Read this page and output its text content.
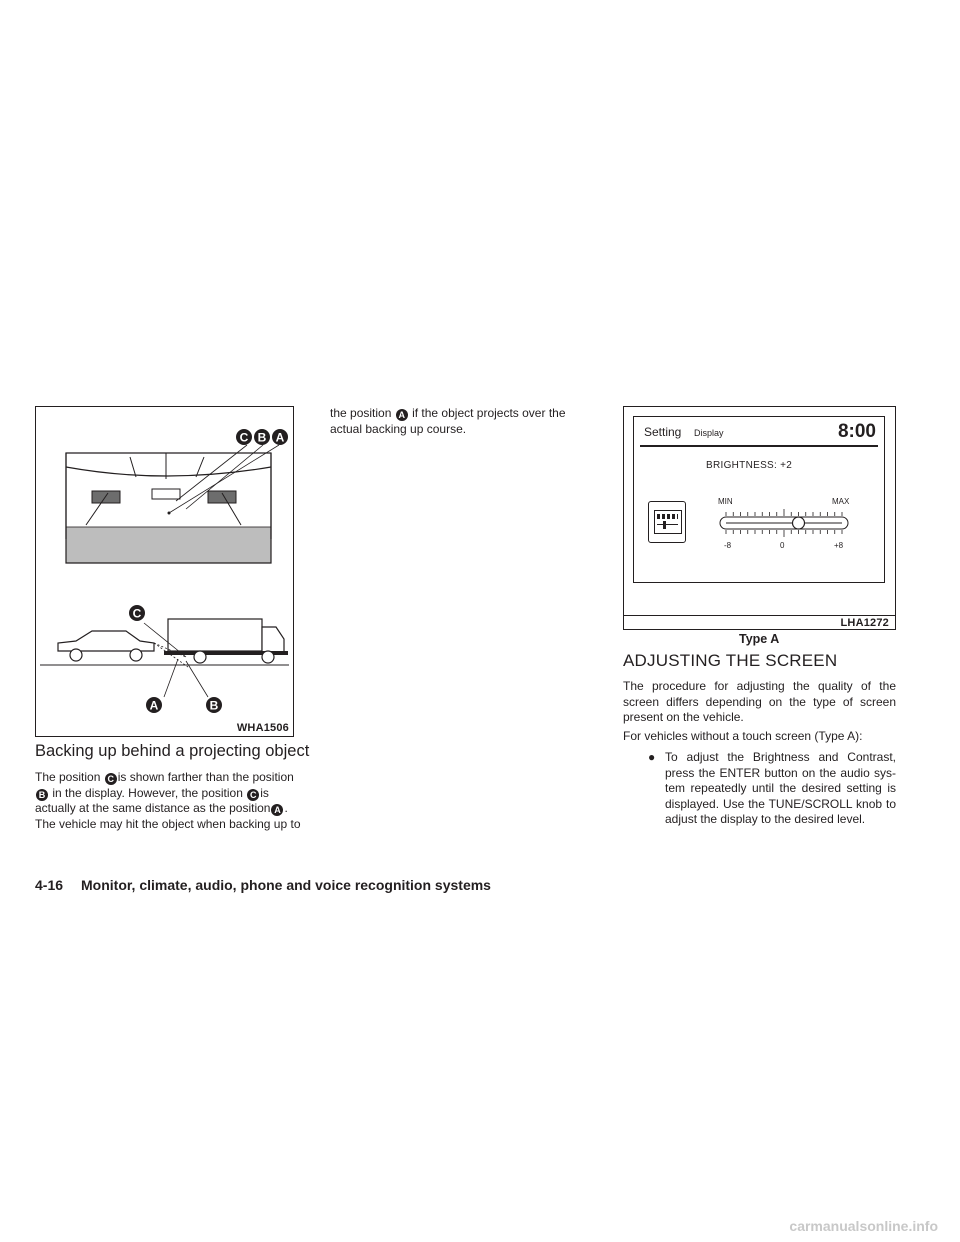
C B A
C
A	B
WHA1506
Backing up behind a projecting object
The position C is shown farther than the position
B in the display. However, the position C is
actually at the same distance as the position A .
The vehicle may hit the object when backing up to
the position A if the object projects over the
actual backing up course.	Setting Display	8:00
BRIGHTNESS: +2
MIN	MAX
-8	0	+8
LHA1272
Type A
ADJUSTING THE SCREEN
The procedure for adjusting the quality of the screen differs depending on the type of screen present on the vehicle.
For vehicles without a touch screen (Type A):
● To adjust the Brightness and Contrast, press the ENTER button on the audio sys- tem repeatedly until the desired setting is displayed. Use the TUNE/SCROLL knob to adjust the display to the desired level.
4-16 Monitor, climate, audio, phone and voice recognition systems
carmanualsonline.info
